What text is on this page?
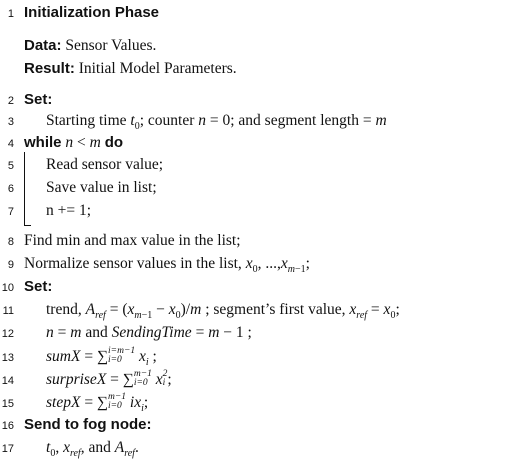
1 Initialization Phase
Data: Sensor Values.
Result: Initial Model Parameters.
2 Set:
3 Starting time $t_0$; counter n = 0; and segment length = m
4 while n < m do
5 Read sensor value;
6 Save value in list;
7 n += 1;
8 Find min and max value in the list;
9 Normalize sensor values in the list, $x_0$, $...,x_{m-1}$;
10 Set:
11 trend, $A_{ref} = (x_{m-1} - x_0)/m$ ; segment’s first value, $x_{ref} = x_0$;
12 n = m and SendingTime = m − 1 ;
13 sumX = ∑ i=m−1
i=0	$x_i$ ;
14 surpriseX = ∑ m−1
i=0 x 2
i ;
15 stepX = ∑ m−1
i=0 $ix_i$;
16 Send to fog node:
17 $t_0$, $x_{ref}$, and $A_{ref}$.
